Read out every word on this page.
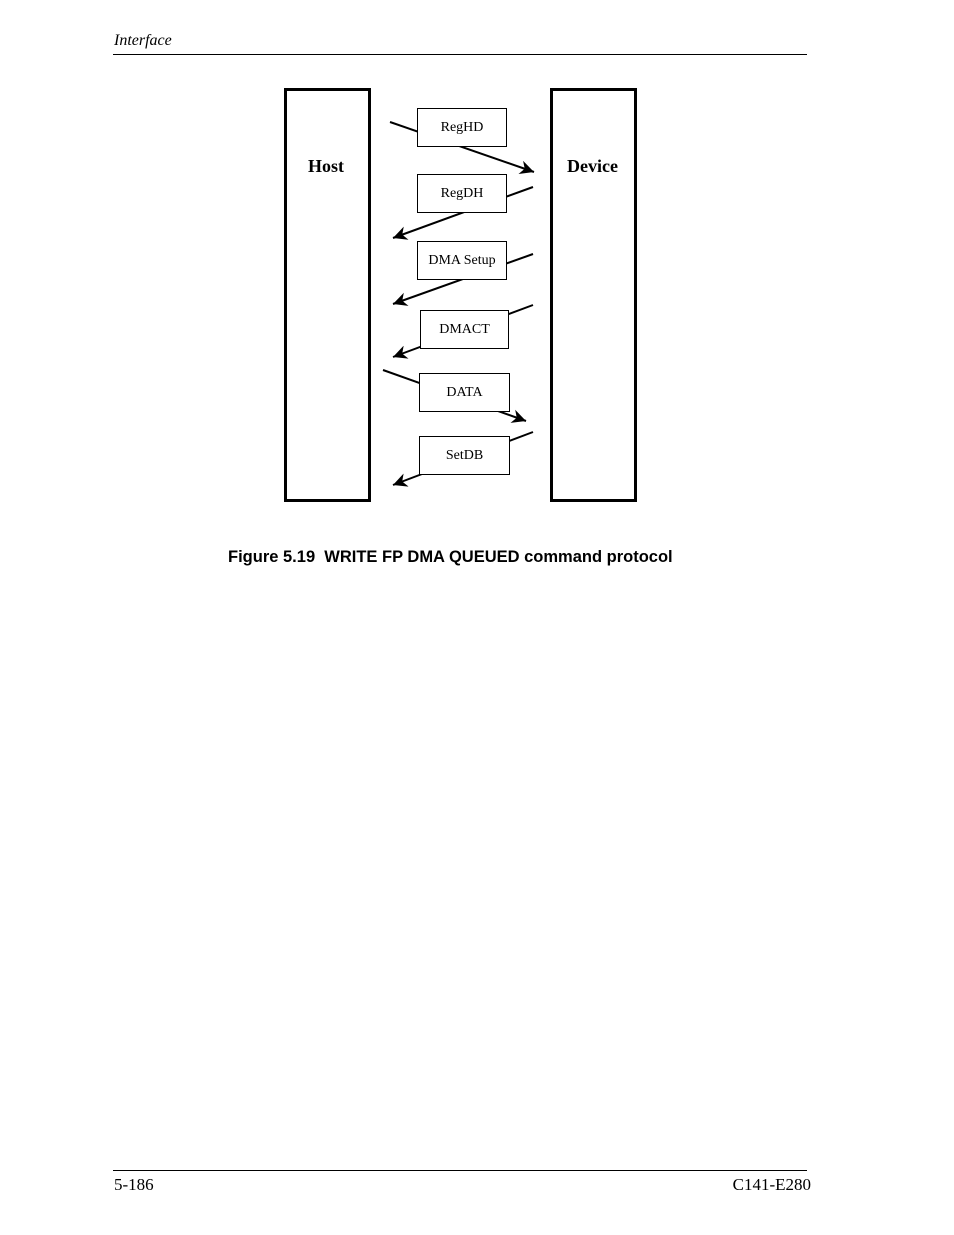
Interface
Host	Device
RegHD
RegDH
DMA Setup
DMACT
DATA
SetDB
Figure 5.19  WRITE FP DMA QUEUED command protocol
5-186	C141-E280
